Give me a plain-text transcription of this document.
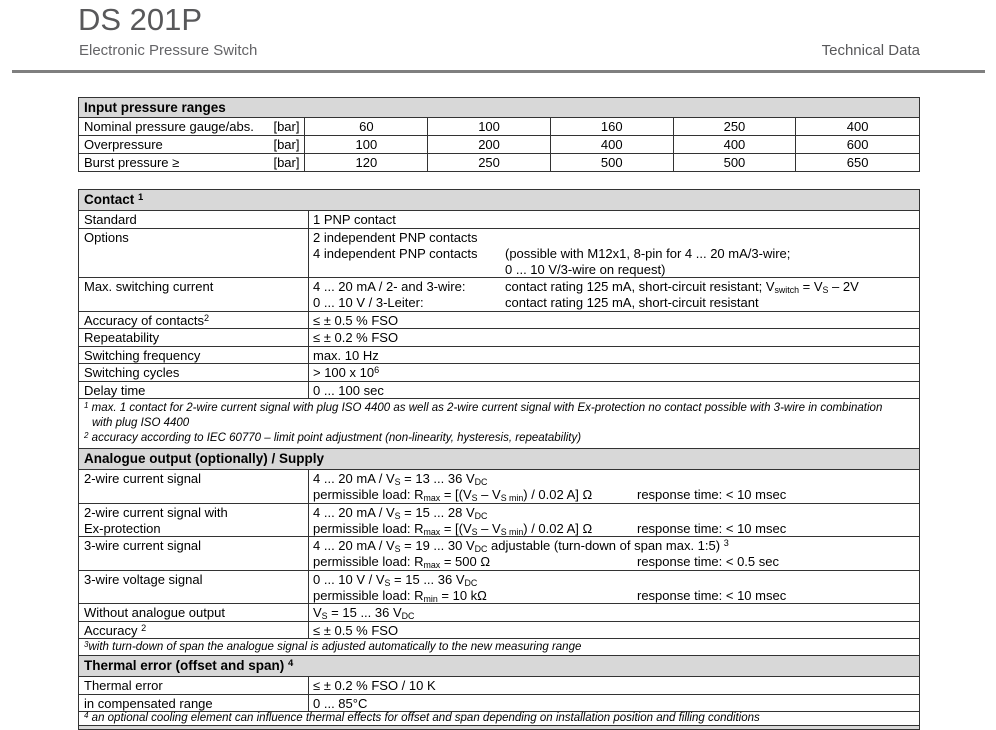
DS 201P
Electronic Pressure Switch	Technical Data
Input pressure ranges
Nominal pressure gauge/abs. [bar]	60	100	160	250	400
Overpressure	[bar]	100	200	400	400	600
Burst pressure ≥	[bar]	120	250	500	500	650
Contact $^1$
Standard	1 PNP contact
Options	2 independent PNP contacts
4 independent PNP contacts (possible with M12x1, 8-pin for 4 ... 20 mA/3-wire;
0 ... 10 V/3-wire on request)
Max. switching current	4 ... 20 mA / 2- and 3-wire:	contact rating 125 mA, short-circuit resistant; $V_{switch} = V_S - 2V$
0 ... 10 V / 3-Leiter:	contact rating 125 mA, short-circuit resistant
Accuracy of contacts$^2$	≤ ± 0.5 % FSO
Repeatability	≤ ± 0.2 % FSO
Switching frequency	max. 10 Hz
Switching cycles	> 100 x $10^6$
Delay time	0 ... 100 sec
$^1$ max. 1 contact for 2-wire current signal with plug ISO 4400 as well as 2-wire current signal with Ex-protection no contact possible with 3-wire in combination with plug ISO 4400
$^2$ accuracy according to IEC 60770 – limit point adjustment (non-linearity, hysteresis, repeatability)
Analogue output (optionally) / Supply
2-wire current signal	4 ... 20 mA / $V_S = 13$ ... 36 $V_{DC}$
permissible load: $R_{max} = [(V_S - V_{S min}) / 0.02$ A] Ω	response time: < 10 msec
2-wire current signal with
Ex-protection
4 ... 20 mA / $V_S = 15$ ... 28 $V_{DC}$
permissible load: $R_{max} = [(V_S - V_{S min}) / 0.02$ A] Ω	response time: < 10 msec
3-wire current signal	4 ... 20 mA / $V_S = 19$ ... 30 $V_{DC}$ adjustable (turn-down of span max. 1:5) $^3$
permissible load: $R_{max} = 500$ Ω	response time: < 0.5 sec
3-wire voltage signal	0 ... 10 $V / V_S = 15$ ... 36 $V_{DC}$
permissible load: $R_{min} = 10$ kΩ	response time: < 10 msec
Without analogue output	$V_S = 15$ ... 36 $V_{DC}$
Accuracy $^2$	≤ ± 0.5 % FSO
$^3$with turn-down of span the analogue signal is adjusted automatically to the new measuring range
Thermal error (offset and span) $^4$
Thermal error	≤ ± 0.2 % FSO / 10 K
in compensated range	0 ... 85°C
$^4$ an optional cooling element can influence thermal effects for offset and span depending on installation position and filling conditions
